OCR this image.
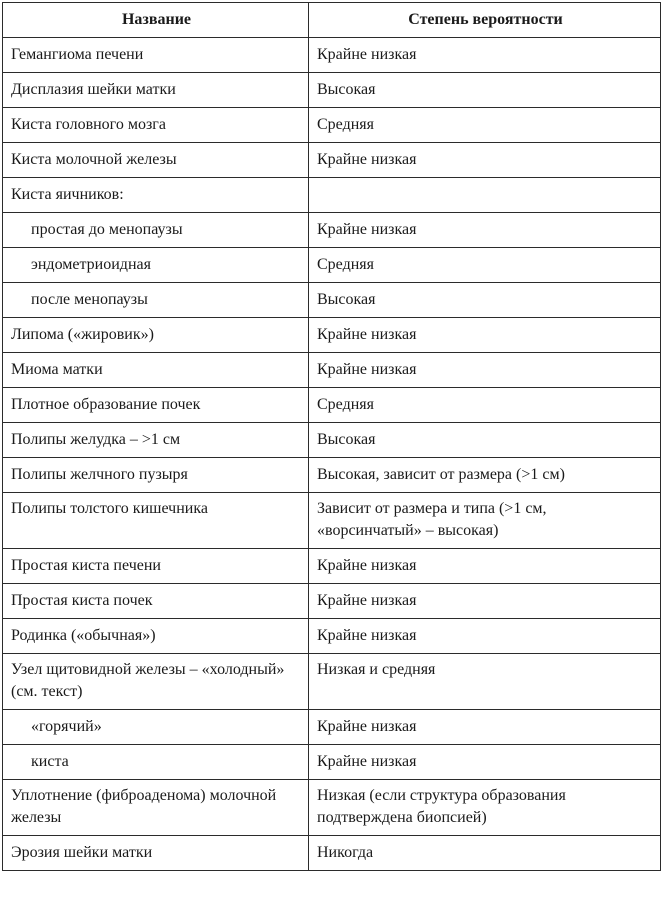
Название	Степень вероятности
Гемангиома печени	Крайне низкая
Дисплазия шейки матки	Высокая
Киста головного мозга	Средняя
Киста молочной железы	Крайне низкая
Киста яичников:	
простая до менопаузы	Крайне низкая
эндометриоидная	Средняя
после менопаузы	Высокая
Липома («жировик»)	Крайне низкая
Миома матки	Крайне низкая
Плотное образование почек	Средняя
Полипы желудка – >1 см	Высокая
Полипы желчного пузыря	Высокая, зависит от размера (>1 см)
Полипы толстого кишечника	Зависит от размера и типа (>1 см, «ворсинчатый» – высокая)
Простая киста печени	Крайне низкая
Простая киста почек	Крайне низкая
Родинка («обычная»)	Крайне низкая
Узел щитовидной железы – «холодный» (см. текст)	Низкая и средняя
«горячий»	Крайне низкая
киста	Крайне низкая
Уплотнение (фиброаденома) молочной железы	Низкая (если структура образования подтверждена биопсией)
Эрозия шейки матки	Никогда
